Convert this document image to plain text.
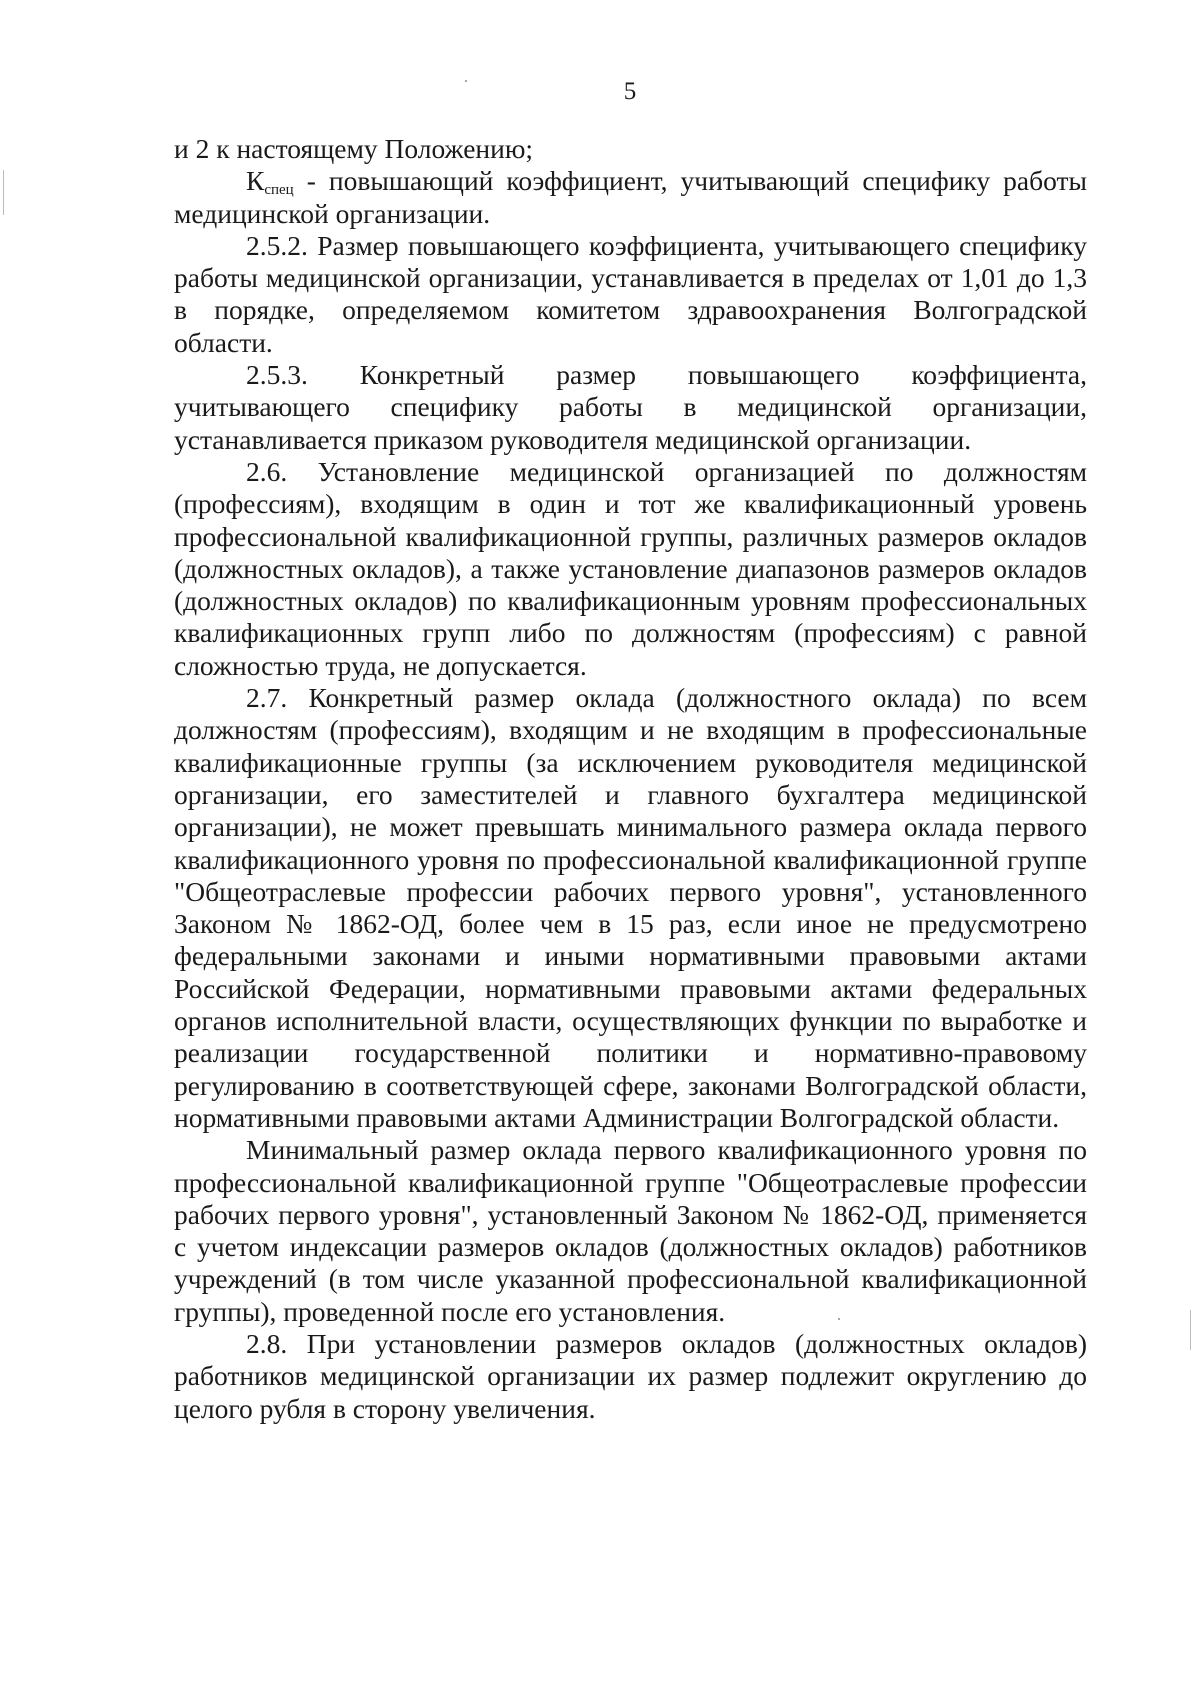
5

и 2 к настоящему Положению;

$К_{спец}$ - повышающий коэффициент, учитывающий специфику работы медицинской организации.

2.5.2. Размер повышающего коэффициента, учитывающего специфику работы медицинской организации, устанавливается в пределах от 1,01 до 1,3 в порядке, определяемом комитетом здравоохранения Волгоградской области.

2.5.3. Конкретный размер повышающего коэффициента, учитывающего специфику работы в медицинской организации, устанавливается приказом руководителя медицинской организации.

2.6. Установление медицинской организацией по должностям (профессиям), входящим в один и тот же квалификационный уровень профессиональной квалификационной группы, различных размеров окладов (должностных окладов), а также установление диапазонов размеров окладов (должностных окладов) по квалификационным уровням профессиональных квалификационных групп либо по должностям (профессиям) с равной сложностью труда, не допускается.

2.7. Конкретный размер оклада (должностного оклада) по всем должностям (профессиям), входящим и не входящим в профессиональные квалификационные группы (за исключением руководителя медицинской организации, его заместителей и главного бухгалтера медицинской организации), не может превышать минимального размера оклада первого квалификационного уровня по профессиональной квалификационной группе "Общеотраслевые профессии рабочих первого уровня", установленного Законом № 1862-ОД, более чем в 15 раз, если иное не предусмотрено федеральными законами и иными нормативными правовыми актами Российской Федерации, нормативными правовыми актами федеральных органов исполнительной власти, осуществляющих функции по выработке и реализации государственной политики и нормативно-правовому регулированию в соответствующей сфере, законами Волгоградской области, нормативными правовыми актами Администрации Волгоградской области.

Минимальный размер оклада первого квалификационного уровня по профессиональной квалификационной группе "Общеотраслевые профессии рабочих первого уровня", установленный Законом № 1862-ОД, применяется с учетом индексации размеров окладов (должностных окладов) работников учреждений (в том числе указанной профессиональной квалификационной группы), проведенной после его установления.

2.8. При установлении размеров окладов (должностных окладов) работников медицинской организации их размер подлежит округлению до целого рубля в сторону увеличения.
